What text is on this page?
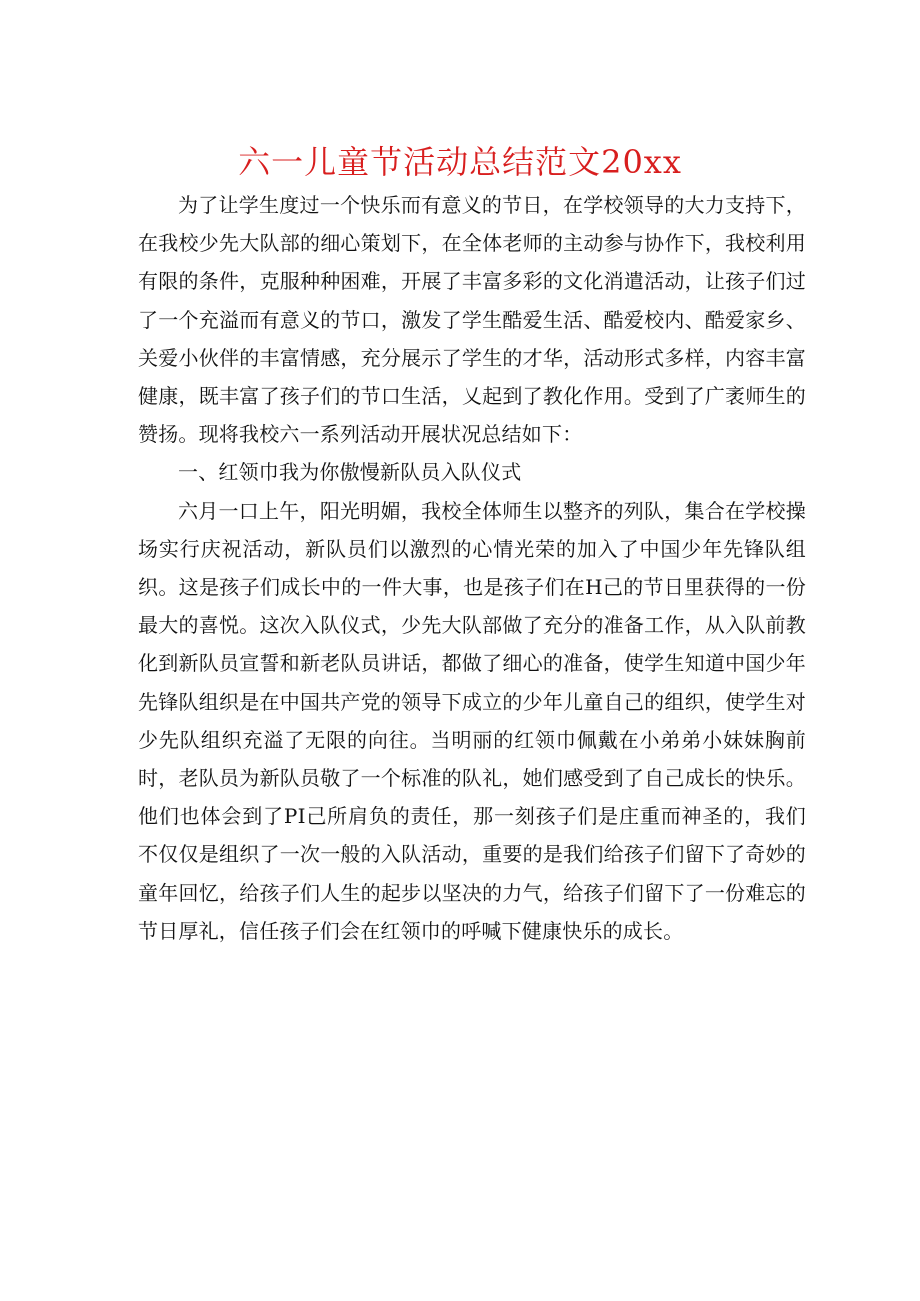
六一儿童节活动总结范文20xx

为了让学生度过一个快乐而有意义的节日，在学校领导的大力支持下，在我校少先大队部的细心策划下，在全体老师的主动参与协作下，我校利用有限的条件，克服种种困难，开展了丰富多彩的文化消遣活动，让孩子们过了一个充溢而有意义的节口，激发了学生酷爱生活、酷爱校内、酷爱家乡、关爱小伙伴的丰富情感，充分展示了学生的才华，活动形式多样，内容丰富健康，既丰富了孩子们的节口生活，乂起到了教化作用。受到了广袤师生的赞扬。现将我校六一系列活动开展状况总结如下：

一、红领巾我为你傲慢新队员入队仪式

六月一口上午，阳光明媚，我校全体师生以整齐的列队，集合在学校操场实行庆祝活动，新队员们以激烈的心情光荣的加入了中国少年先锋队组织。这是孩子们成长中的一件大事，也是孩子们在H己的节日里获得的一份最大的喜悦。这次入队仪式，少先大队部做了充分的准备工作，从入队前教化到新队员宣誓和新老队员讲话，都做了细心的准备，使学生知道中国少年先锋队组织是在中国共产党的领导下成立的少年儿童自己的组织，使学生对少先队组织充溢了无限的向往。当明丽的红领巾佩戴在小弟弟小妹妹胸前时，老队员为新队员敬了一个标准的队礼，她们感受到了自己成长的快乐。他们也体会到了PI己所肩负的责任，那一刻孩子们是庄重而神圣的，我们不仅仅是组织了一次一般的入队活动，重要的是我们给孩子们留下了奇妙的童年回忆，给孩子们人生的起步以坚决的力气，给孩子们留下了一份难忘的节日厚礼，信任孩子们会在红领巾的呼喊下健康快乐的成长。
